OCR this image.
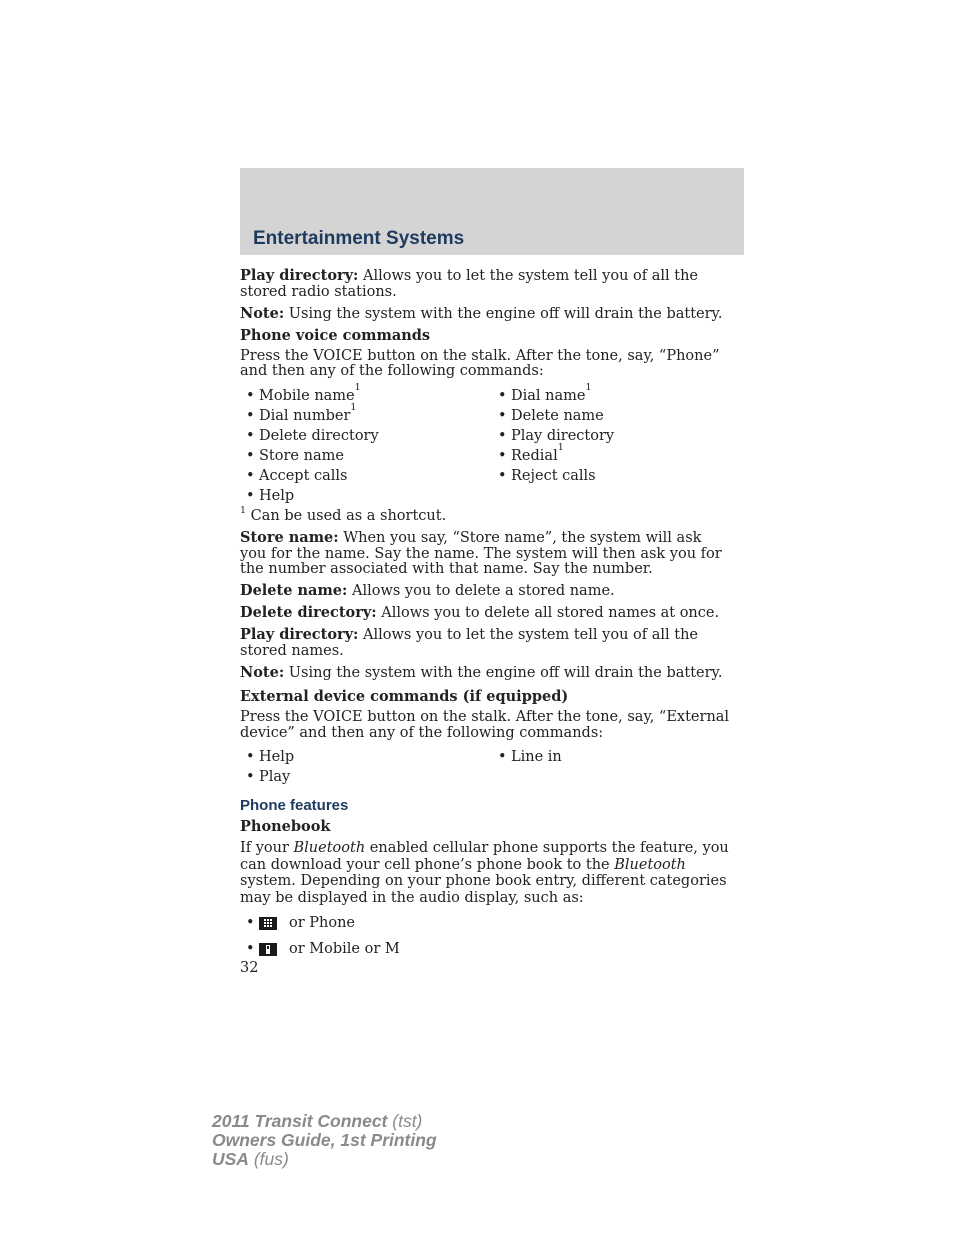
Entertainment Systems

Play directory: Allows you to let the system tell you of all the stored radio stations.

Note: Using the system with the engine off will drain the battery.

Phone voice commands

Press the VOICE button on the stalk. After the tone, say, “Phone” and then any of the following commands:

• Mobile name
$^1$
• Dial name
$^1$
• Dial number
$^1$
• Delete name
• Delete directory	• Play directory
• Store name	• Redial
$^1$
• Accept calls	• Reject calls
• Help

$^1$ Can be used as a shortcut.

Store name: When you say, “Store name”, the system will ask you for the name. Say the name. The system will then ask you for the number associated with that name. Say the number.

Delete name: Allows you to delete a stored name.

Delete directory: Allows you to delete all stored names at once.

Play directory: Allows you to let the system tell you of all the stored names.

Note: Using the system with the engine off will drain the battery.

External device commands (if equipped)

Press the VOICE button on the stalk. After the tone, say, “External device” and then any of the following commands:

• Help	• Line in
• Play
Phone features
Phonebook

If your Bluetooth enabled cellular phone supports the feature, you can download your cell phone’s phone book to the Bluetooth system. Depending on your phone book entry, different categories may be displayed in the audio display, such as:

•	or Phone
•	or Mobile or M
32
2011 Transit Connect (tst)
Owners Guide, 1st Printing
USA (fus)
